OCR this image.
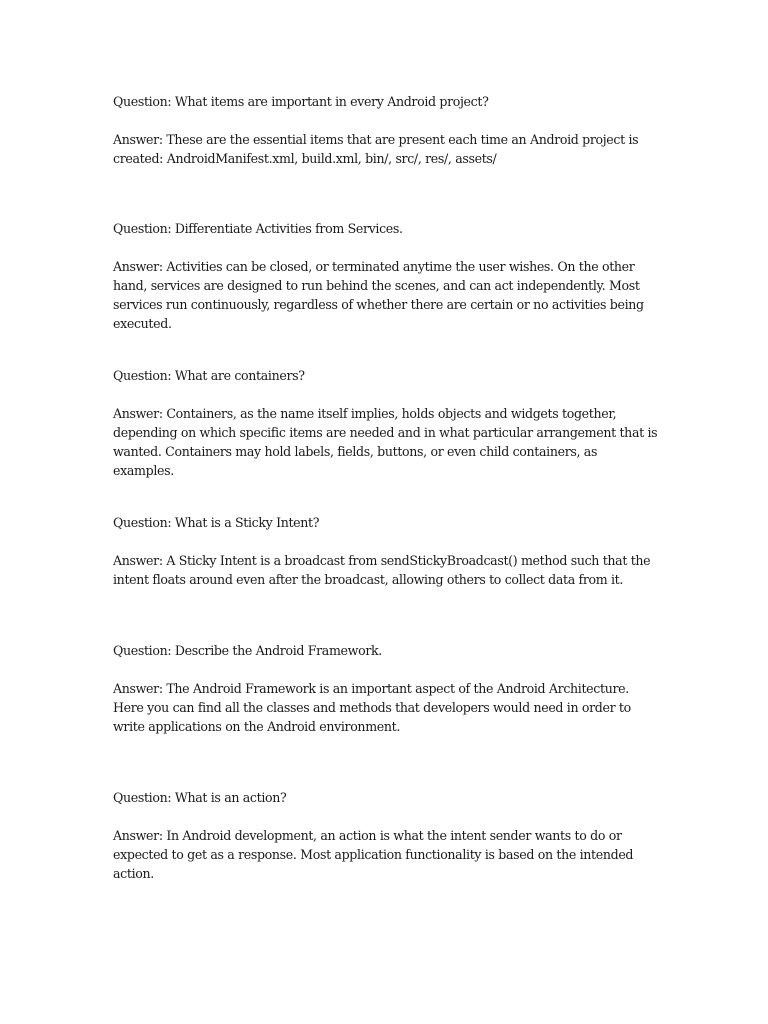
Question: What items are important in every Android project?

Answer: These are the essential items that are present each time an Android project is created: AndroidManifest.xml, build.xml, bin/, src/, res/, assets/

Question: Differentiate Activities from Services.

Answer: Activities can be closed, or terminated anytime the user wishes. On the other hand, services are designed to run behind the scenes, and can act independently. Most services run continuously, regardless of whether there are certain or no activities being executed.

Question: What are containers?

Answer: Containers, as the name itself implies, holds objects and widgets together, depending on which specific items are needed and in what particular arrangement that is wanted. Containers may hold labels, fields, buttons, or even child containers, as examples.

Question: What is a Sticky Intent?

Answer: A Sticky Intent is a broadcast from sendStickyBroadcast() method such that the intent floats around even after the broadcast, allowing others to collect data from it.

Question: Describe the Android Framework.

Answer: The Android Framework is an important aspect of the Android Architecture. Here you can find all the classes and methods that developers would need in order to write applications on the Android environment.

Question: What is an action?

Answer: In Android development, an action is what the intent sender wants to do or expected to get as a response. Most application functionality is based on the intended action.
